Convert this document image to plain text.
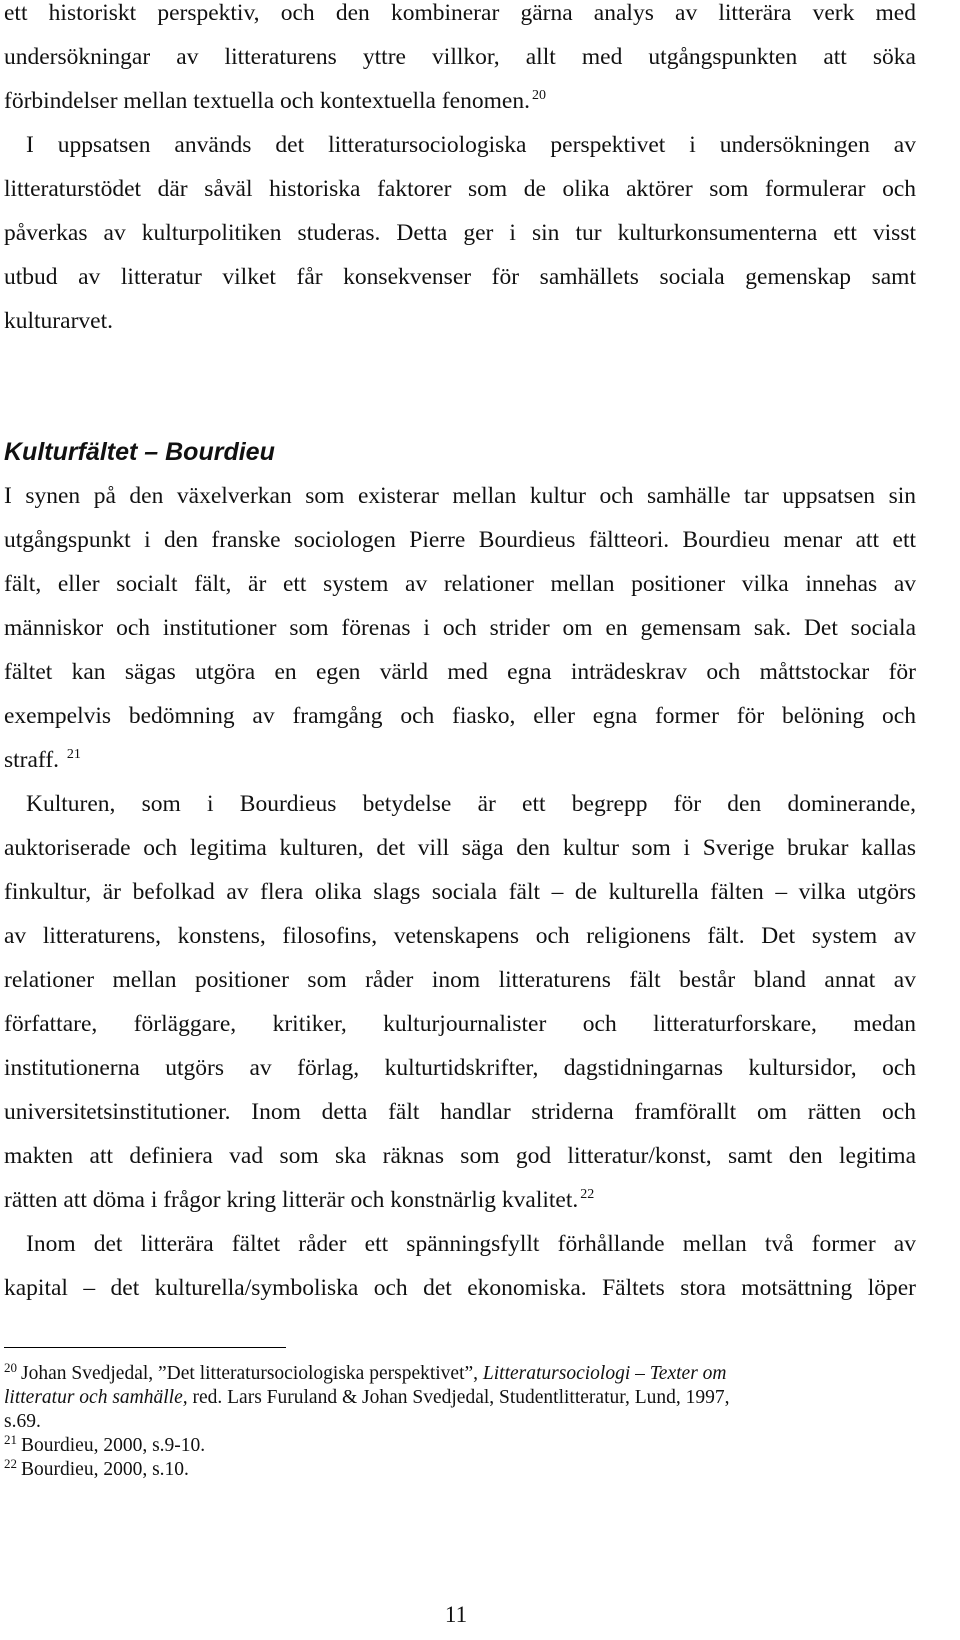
ett historiskt perspektiv, och den kombinerar gärna analys av litterära verk med
undersökningar av litteraturens yttre villkor, allt med utgångspunkten att söka
förbindelser mellan textuella och kontextuella fenomen. $^{20}$
I uppsatsen används det litteratursociologiska perspektivet i undersökningen av
litteraturstödet där såväl historiska faktorer som de olika aktörer som formulerar och
påverkas av kulturpolitiken studeras. Detta ger i sin tur kulturkonsumenterna ett visst
utbud av litteratur vilket får konsekvenser för samhällets sociala gemenskap samt
kulturarvet.
Kulturfältet – Bourdieu
I synen på den växelverkan som existerar mellan kultur och samhälle tar uppsatsen sin
utgångspunkt i den franske sociologen Pierre Bourdieus fältteori. Bourdieu menar att ett
fält, eller socialt fält, är ett system av relationer mellan positioner vilka innehas av
människor och institutioner som förenas i och strider om en gemensam sak. Det sociala
fältet kan sägas utgöra en egen värld med egna inträdeskrav och måttstockar för
exempelvis bedömning av framgång och fiasko, eller egna former för belöning och
straff. $^{21}$
Kulturen, som i Bourdieus betydelse är ett begrepp för den dominerande,
auktoriserade och legitima kulturen, det vill säga den kultur som i Sverige brukar kallas
finkultur, är befolkad av flera olika slags sociala fält – de kulturella fälten – vilka utgörs
av litteraturens, konstens, filosofins, vetenskapens och religionens fält. Det system av
relationer mellan positioner som råder inom litteraturens fält består bland annat av
författare, förläggare, kritiker, kulturjournalister och litteraturforskare, medan
institutionerna utgörs av förlag, kulturtidskrifter, dagstidningarnas kultursidor, och
universitetsinstitutioner. Inom detta fält handlar striderna framförallt om rätten och
makten att definiera vad som ska räknas som god litteratur/konst, samt den legitima
rätten att döma i frågor kring litterär och konstnärlig kvalitet. $^{22}$
Inom det litterära fältet råder ett spänningsfyllt förhållande mellan två former av
kapital – det kulturella/symboliska och det ekonomiska. Fältets stora motsättning löper
$^{20}$ Johan Svedjedal, ”Det litteratursociologiska perspektivet”, Litteratursociologi – Texter om
litteratur och samhälle, red. Lars Furuland & Johan Svedjedal, Studentlitteratur, Lund, 1997,
s.69.
$^{21}$ Bourdieu, 2000, s.9-10.
$^{22}$ Bourdieu, 2000, s.10.
11
